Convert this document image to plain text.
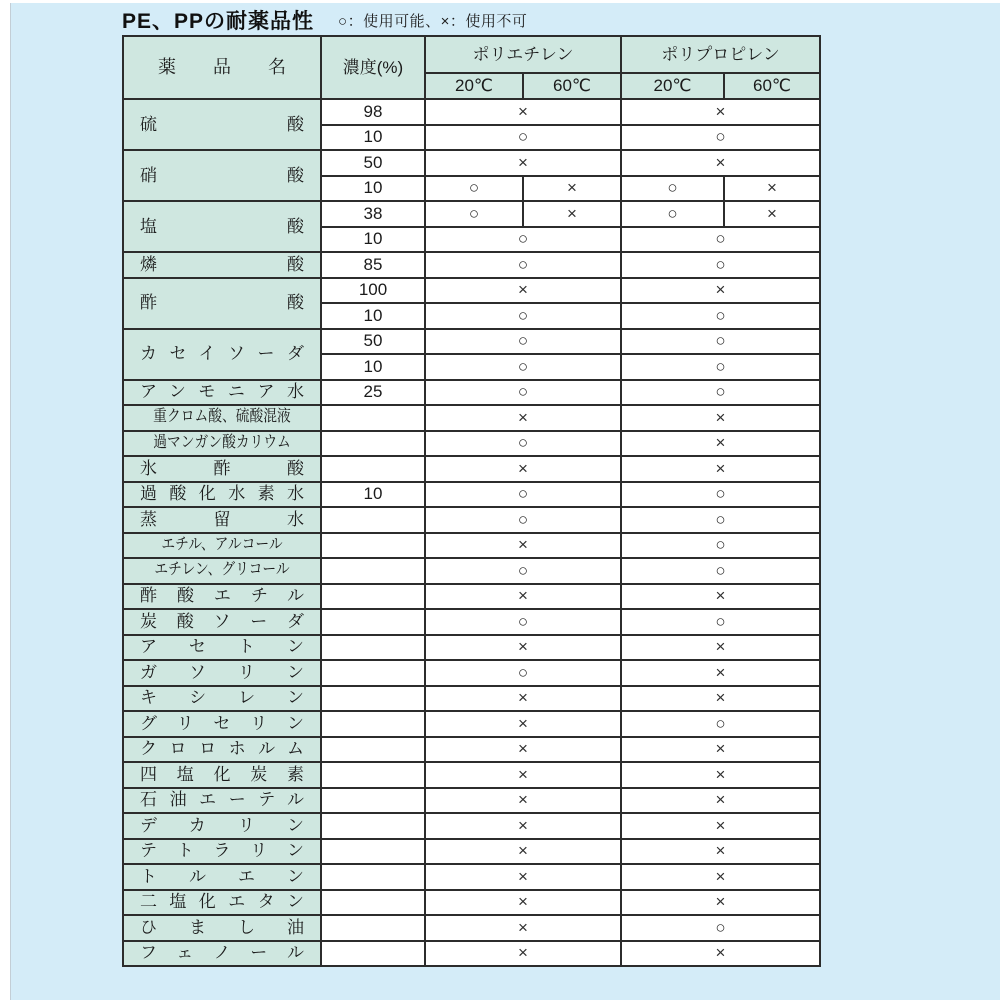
PE、PPの耐薬品性 ○：使用可能、×：使用不可
薬品名	濃度(%)	ポリエチレン		ポリプロピレン	
		20℃	60℃	20℃	60℃

硫酸	98	×		×	
	10	○		○	

硝酸	50	×		×	
	10	○	×	○	×

塩酸	38	○	×	○	×
	10	○		○	

燐酸	85	○		○	

酢酸	100	×		×	
	10	○		○	

カセイソーダ	50	○		○	
	10	○		○	

アンモニア水	25	○		○	

重クロム酸、硫酸混液		×		×	

過マンガン酸カリウム		○		×	

氷酢酸		×		×	

過酸化水素水	10	○		○	

蒸留水		○		○	

エチル、アルコール		×		○	

エチレン、グリコール		○		○	

酢酸エチル		×		×	

炭酸ソーダ		○		○	

アセトン		×		×	

ガソリン		○		×	

キシレン		×		×	

グリセリン		×		○	

クロロホルム		×		×	

四塩化炭素		×		×	

石油エーテル		×		×	

デカリン		×		×	

テトラリン		×		×	

トルエン		×		×	

二塩化エタン		×		×	

ひまし油		×		○	

フェノール		×		×	
